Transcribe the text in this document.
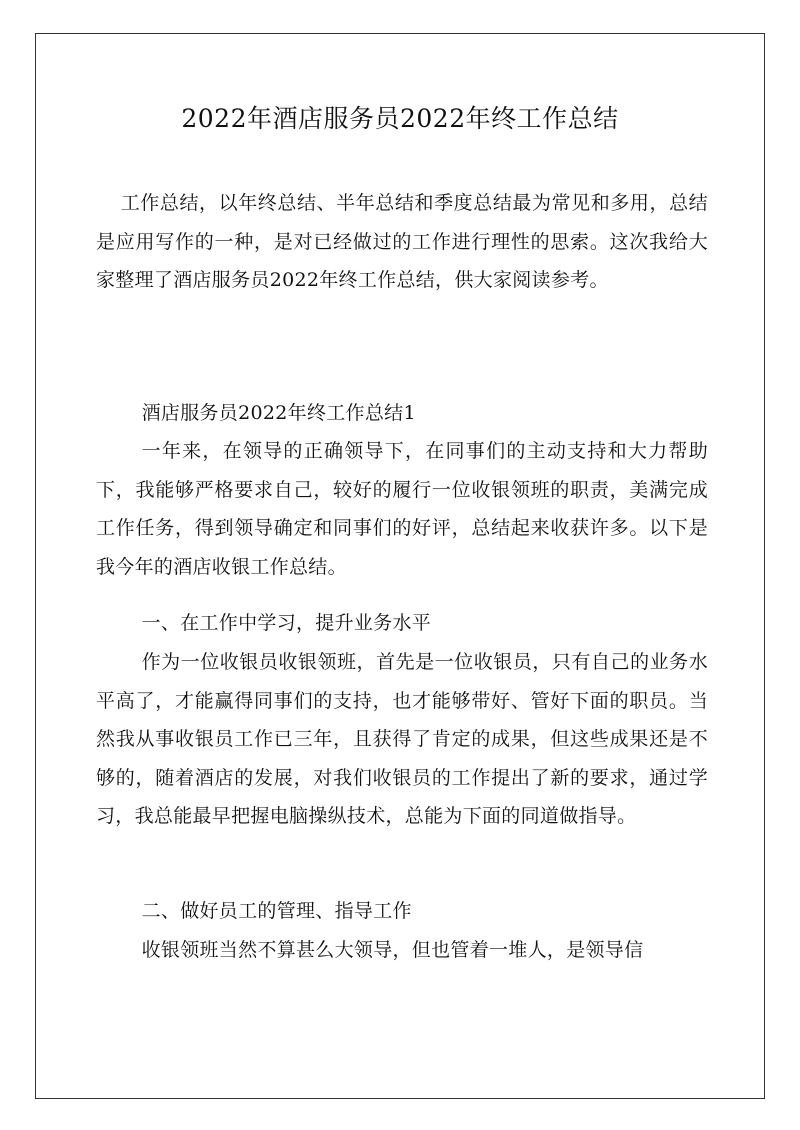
2022年酒店服务员2022年终工作总结

工作总结，以年终总结、半年总结和季度总结最为常见和多用，总结是应用写作的一种，是对已经做过的工作进行理性的思索。这次我给大家整理了酒店服务员2022年终工作总结，供大家阅读参考。

酒店服务员2022年终工作总结1

一年来，在领导的正确领导下，在同事们的主动支持和大力帮助下，我能够严格要求自己，较好的履行一位收银领班的职责，美满完成工作任务，得到领导确定和同事们的好评，总结起来收获许多。以下是我今年的酒店收银工作总结。

一、在工作中学习，提升业务水平

作为一位收银员收银领班，首先是一位收银员，只有自己的业务水平高了，才能赢得同事们的支持，也才能够带好、管好下面的职员。当然我从事收银员工作已三年，且获得了肯定的成果，但这些成果还是不够的，随着酒店的发展，对我们收银员的工作提出了新的要求，通过学习，我总能最早把握电脑操纵技术，总能为下面的同道做指导。

二、做好员工的管理、指导工作

收银领班当然不算甚么大领导，但也管着一堆人，是领导信
